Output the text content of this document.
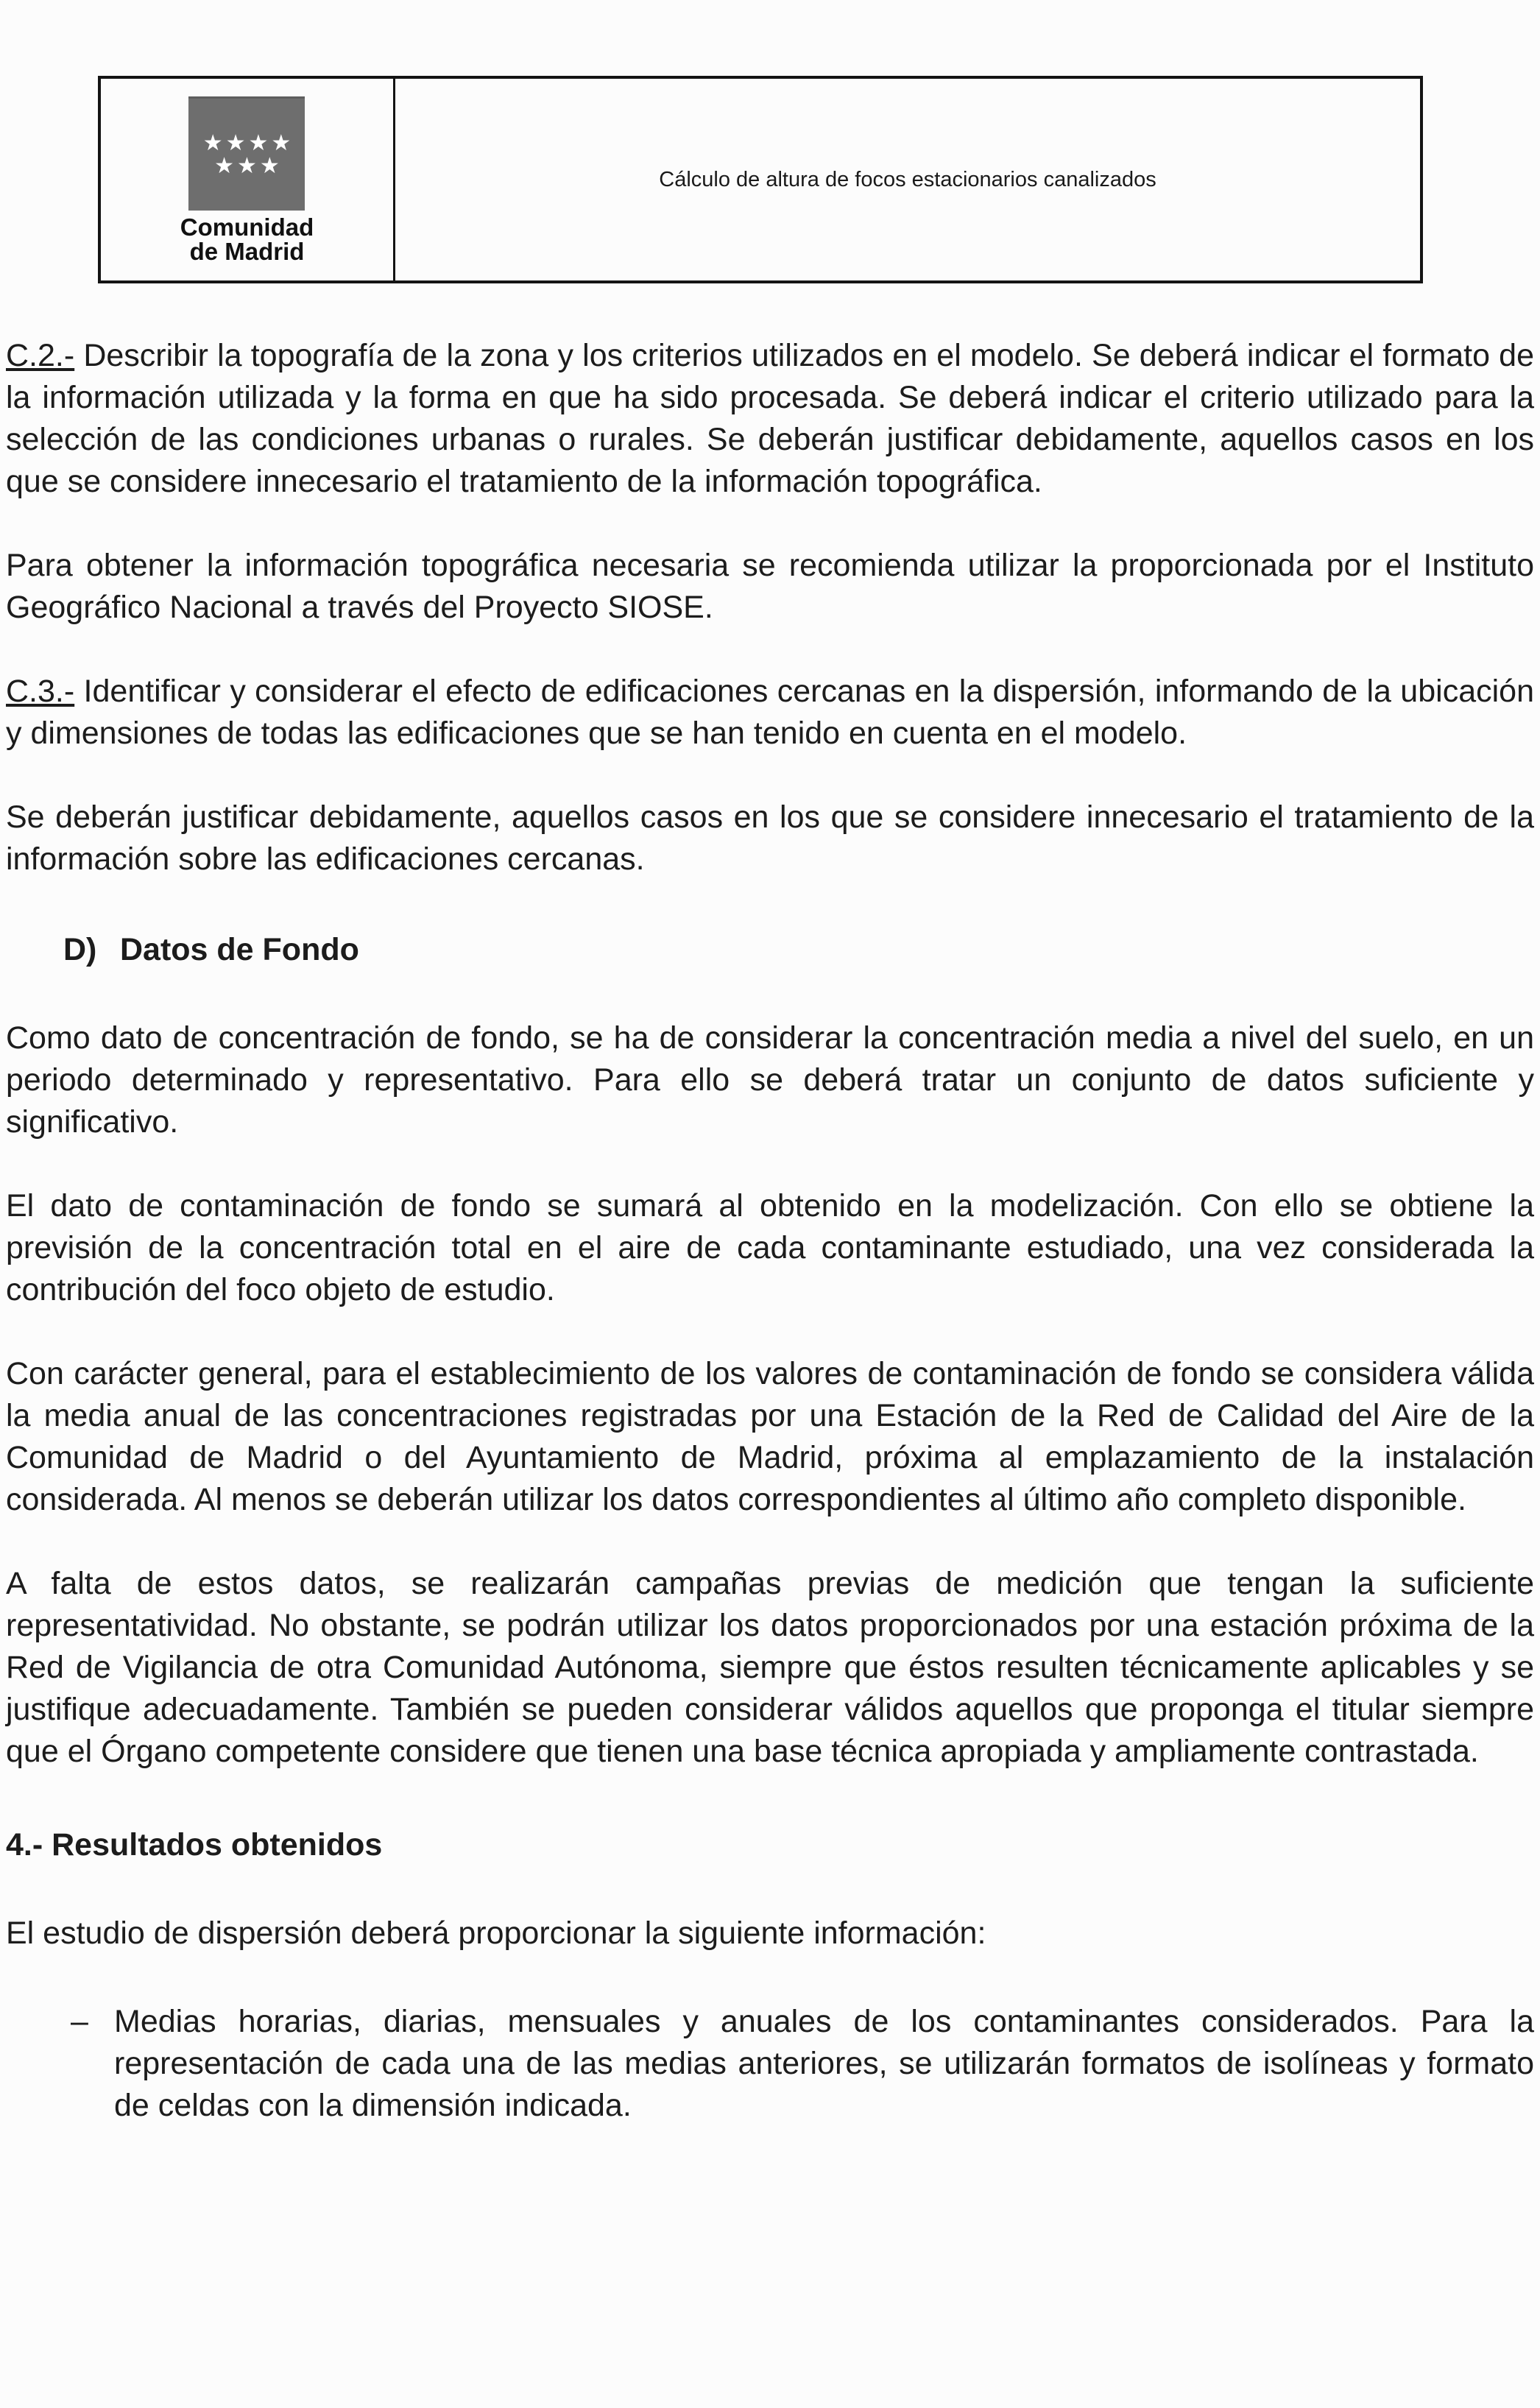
★★★★
★★★
Comunidad
de Madrid
Cálculo de altura de focos estacionarios canalizados

C.2.- Describir la topografía de la zona y los criterios utilizados en el modelo. Se deberá indicar el formato de la información utilizada y la forma en que ha sido procesada. Se deberá indicar el criterio utilizado para la selección de las condiciones urbanas o rurales. Se deberán justificar debidamente, aquellos casos en los que se considere innecesario el tratamiento de la información topográfica.

Para obtener la información topográfica necesaria se recomienda utilizar la proporcionada por el Instituto Geográfico Nacional a través del Proyecto SIOSE.

C.3.- Identificar y considerar el efecto de edificaciones cercanas en la dispersión, informando de la ubicación y dimensiones de todas las edificaciones que se han tenido en cuenta en el modelo.

Se deberán justificar debidamente, aquellos casos en los que se considere innecesario el tratamiento de la información sobre las edificaciones cercanas.

D) Datos de Fondo

Como dato de concentración de fondo, se ha de considerar la concentración media a nivel del suelo, en un periodo determinado y representativo. Para ello se deberá tratar un conjunto de datos suficiente y significativo.

El dato de contaminación de fondo se sumará al obtenido en la modelización. Con ello se obtiene la previsión de la concentración total en el aire de cada contaminante estudiado, una vez considerada la contribución del foco objeto de estudio.

Con carácter general, para el establecimiento de los valores de contaminación de fondo se considera válida la media anual de las concentraciones registradas por una Estación de la Red de Calidad del Aire de la Comunidad de Madrid o del Ayuntamiento de Madrid, próxima al emplazamiento de la instalación considerada. Al menos se deberán utilizar los datos correspondientes al último año completo disponible.

A falta de estos datos, se realizarán campañas previas de medición que tengan la suficiente representatividad. No obstante, se podrán utilizar los datos proporcionados por una estación próxima de la Red de Vigilancia de otra Comunidad Autónoma, siempre que éstos resulten técnicamente aplicables y se justifique adecuadamente. También se pueden considerar válidos aquellos que proponga el titular siempre que el Órgano competente considere que tienen una base técnica apropiada y ampliamente contrastada.

4.- Resultados obtenidos

El estudio de dispersión deberá proporcionar la siguiente información:

– Medias horarias, diarias, mensuales y anuales de los contaminantes considerados. Para la representación de cada una de las medias anteriores, se utilizarán formatos de isolíneas y formato de celdas con la dimensión indicada.
